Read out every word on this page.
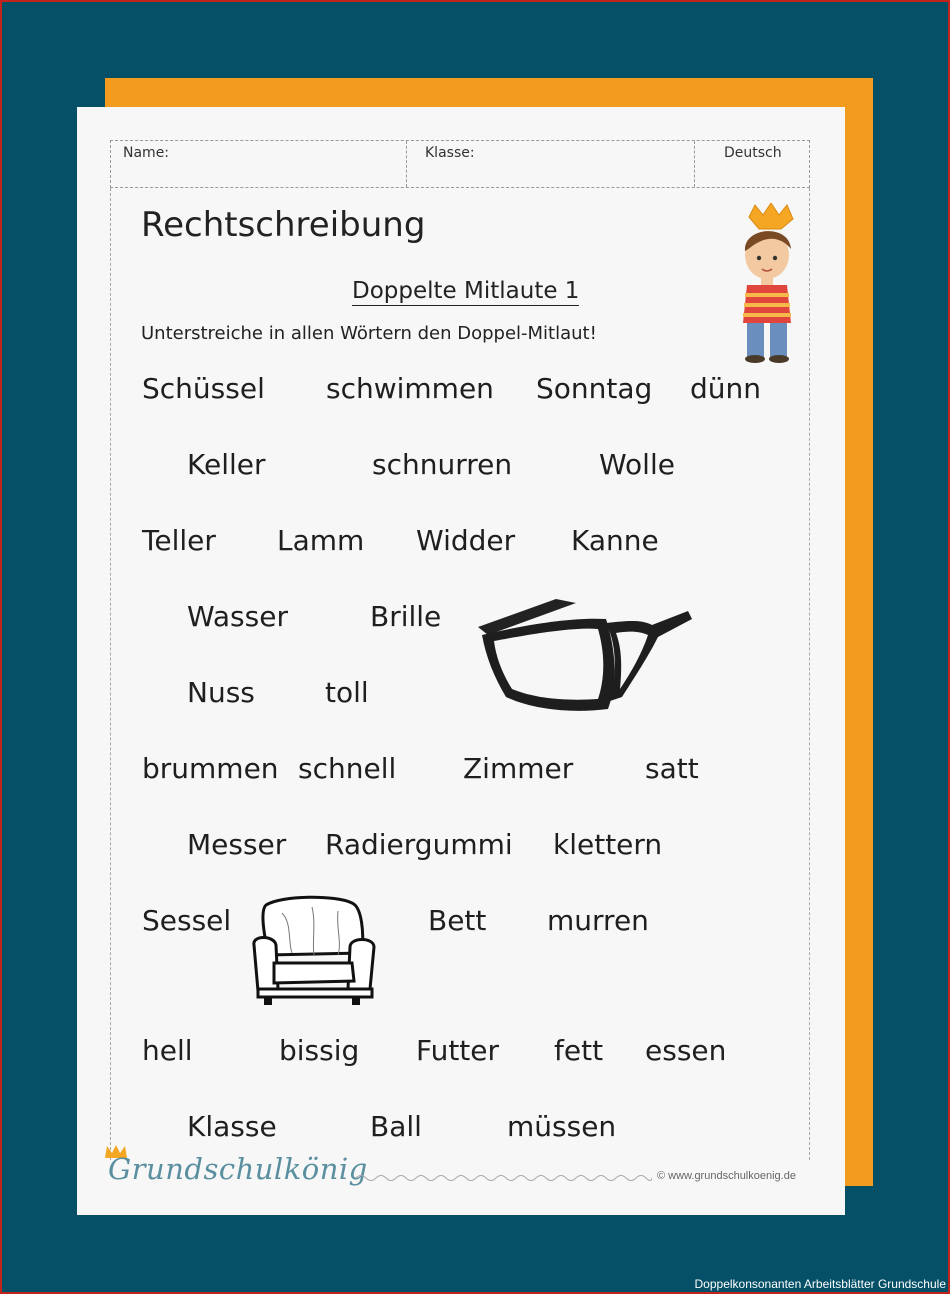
Name:	Klasse:	Deutsch
Rechtschreibung
Doppelte Mitlaute 1
Unterstreiche in allen Wörtern den Doppel-Mitlaut!
Schüssel schwimmen Sonntag dünn
Keller	schnurren	Wolle
Teller Lamm Widder Kanne
Wasser	Brille
Nuss	toll
brummen schnell Zimmer	satt
Messer Radiergummi klettern
Sessel	Bett murren
hell	bissig Futter fett essen
Klasse	Ball	müssen
Grundschulkönig	© www.grundschulkoenig.de
Doppelkonsonanten Arbeitsblätter Grundschule
